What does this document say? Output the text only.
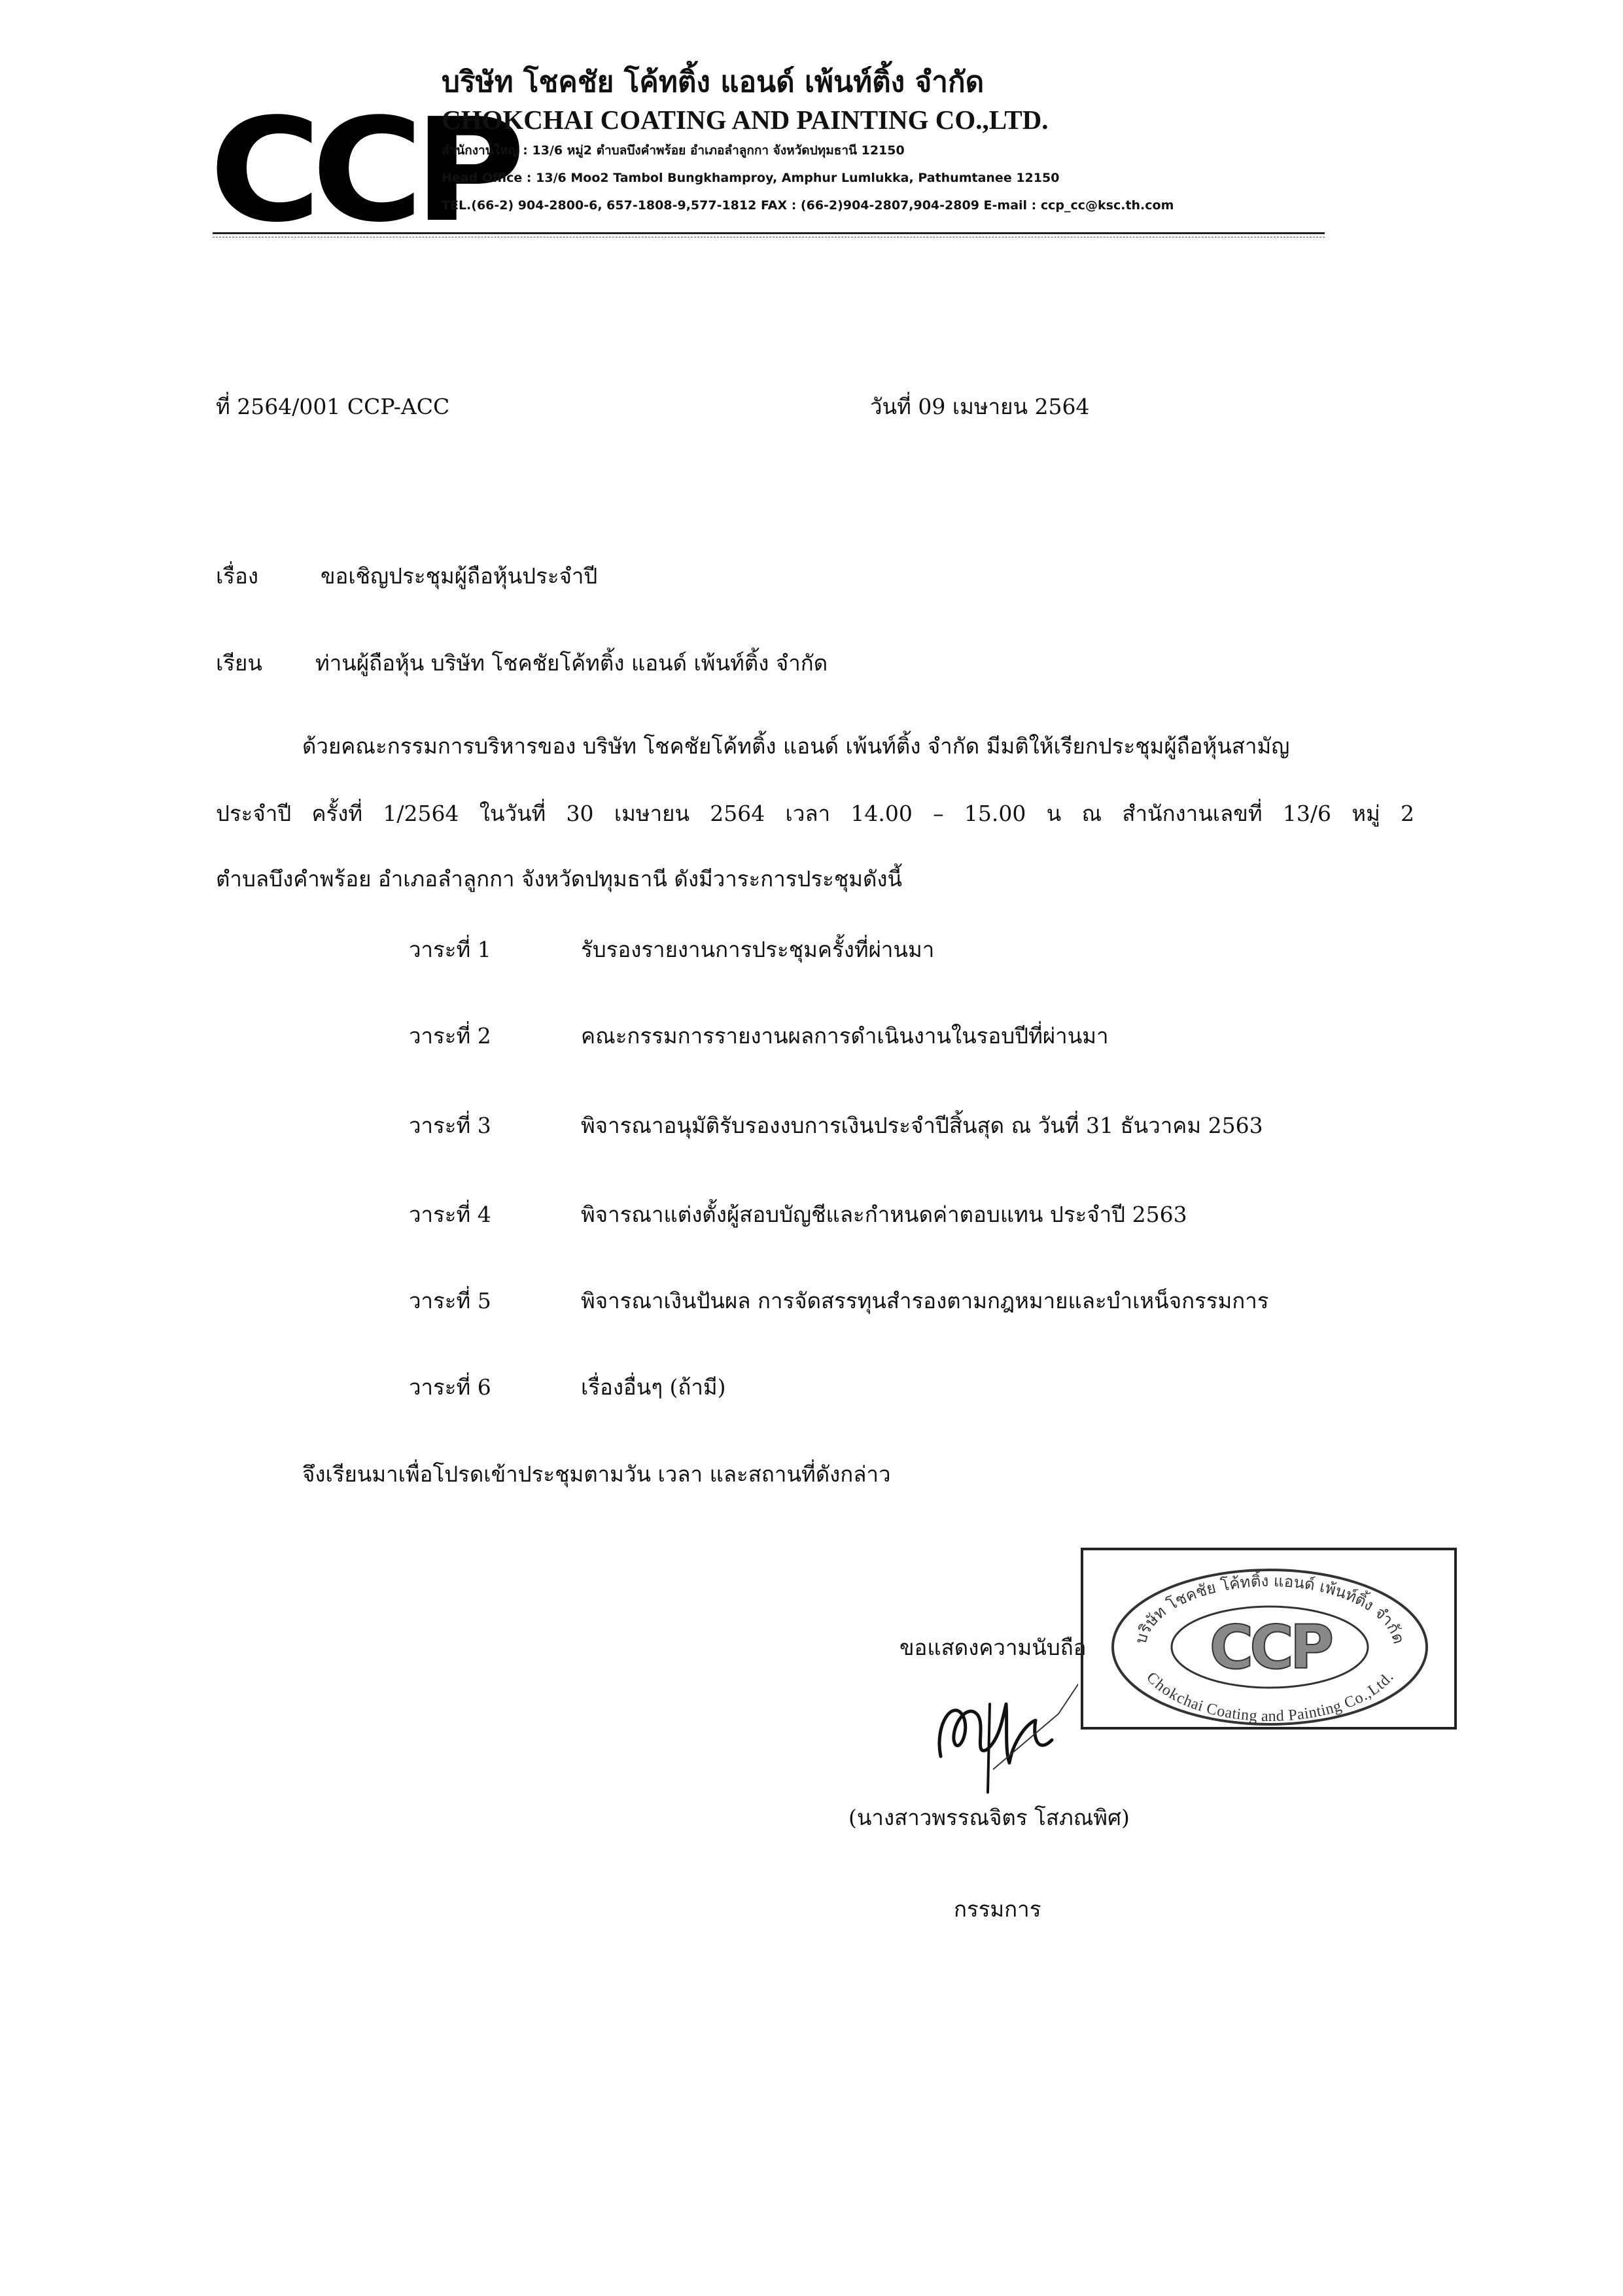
CCP
บริษัท โชคชัย โค้ทติ้ง แอนด์ เพ้นท์ติ้ง จำกัด
CHOKCHAI COATING AND PAINTING CO.,LTD.
สำนักงานใหญ่ : 13/6 หมู่2 ตำบลบึงคำพร้อย อำเภอลำลูกกา จังหวัดปทุมธานี 12150
Head Office : 13/6 Moo2 Tambol Bungkhamproy, Amphur Lumlukka, Pathumtanee 12150
TEL.(66-2) 904-2800-6, 657-1808-9,577-1812 FAX : (66-2)904-2807,904-2809 E-mail : ccp_cc@ksc.th.com
ที่ 2564/001 CCP-ACC	วันที่ 09 เมษายน 2564
เรื่อง	ขอเชิญประชุมผู้ถือหุ้นประจำปี
เรียน ท่านผู้ถือหุ้น บริษัท โชคชัยโค้ทติ้ง แอนด์ เพ้นท์ติ้ง จำกัด
ด้วยคณะกรรมการบริหารของ บริษัท โชคชัยโค้ทติ้ง แอนด์ เพ้นท์ติ้ง จำกัด มีมติให้เรียกประชุมผู้ถือหุ้นสามัญ
ประจำปี ครั้งที่ 1/2564 ในวันที่ 30 เมษายน 2564 เวลา 14.00 – 15.00 น ณ สำนักงานเลขที่ 13/6 หมู่ 2
ตำบลบึงคำพร้อย อำเภอลำลูกกา จังหวัดปทุมธานี ดังมีวาระการประชุมดังนี้
วาระที่ 1	รับรองรายงานการประชุมครั้งที่ผ่านมา
วาระที่ 2	คณะกรรมการรายงานผลการดำเนินงานในรอบปีที่ผ่านมา
วาระที่ 3	พิจารณาอนุมัติรับรองงบการเงินประจำปีสิ้นสุด ณ วันที่ 31 ธันวาคม 2563
วาระที่ 4	พิจารณาแต่งตั้งผู้สอบบัญชีและกำหนดค่าตอบแทน ประจำปี 2563
วาระที่ 5	พิจารณาเงินปันผล การจัดสรรทุนสำรองตามกฎหมายและบำเหน็จกรรมการ
วาระที่ 6	เรื่องอื่นๆ (ถ้ามี)
จึงเรียนมาเพื่อโปรดเข้าประชุมตามวัน เวลา และสถานที่ดังกล่าว
ขอแสดงความนับถือ	บริษัท โชคชัย โค้ทติ้ง แอนด์ เพ้นท์ติ้ง จำกัด
Chokchai Coating and Painting Co.,Ltd.
CCP
(นางสาวพรรณจิตร โสภณพิศ)
กรรมการ
